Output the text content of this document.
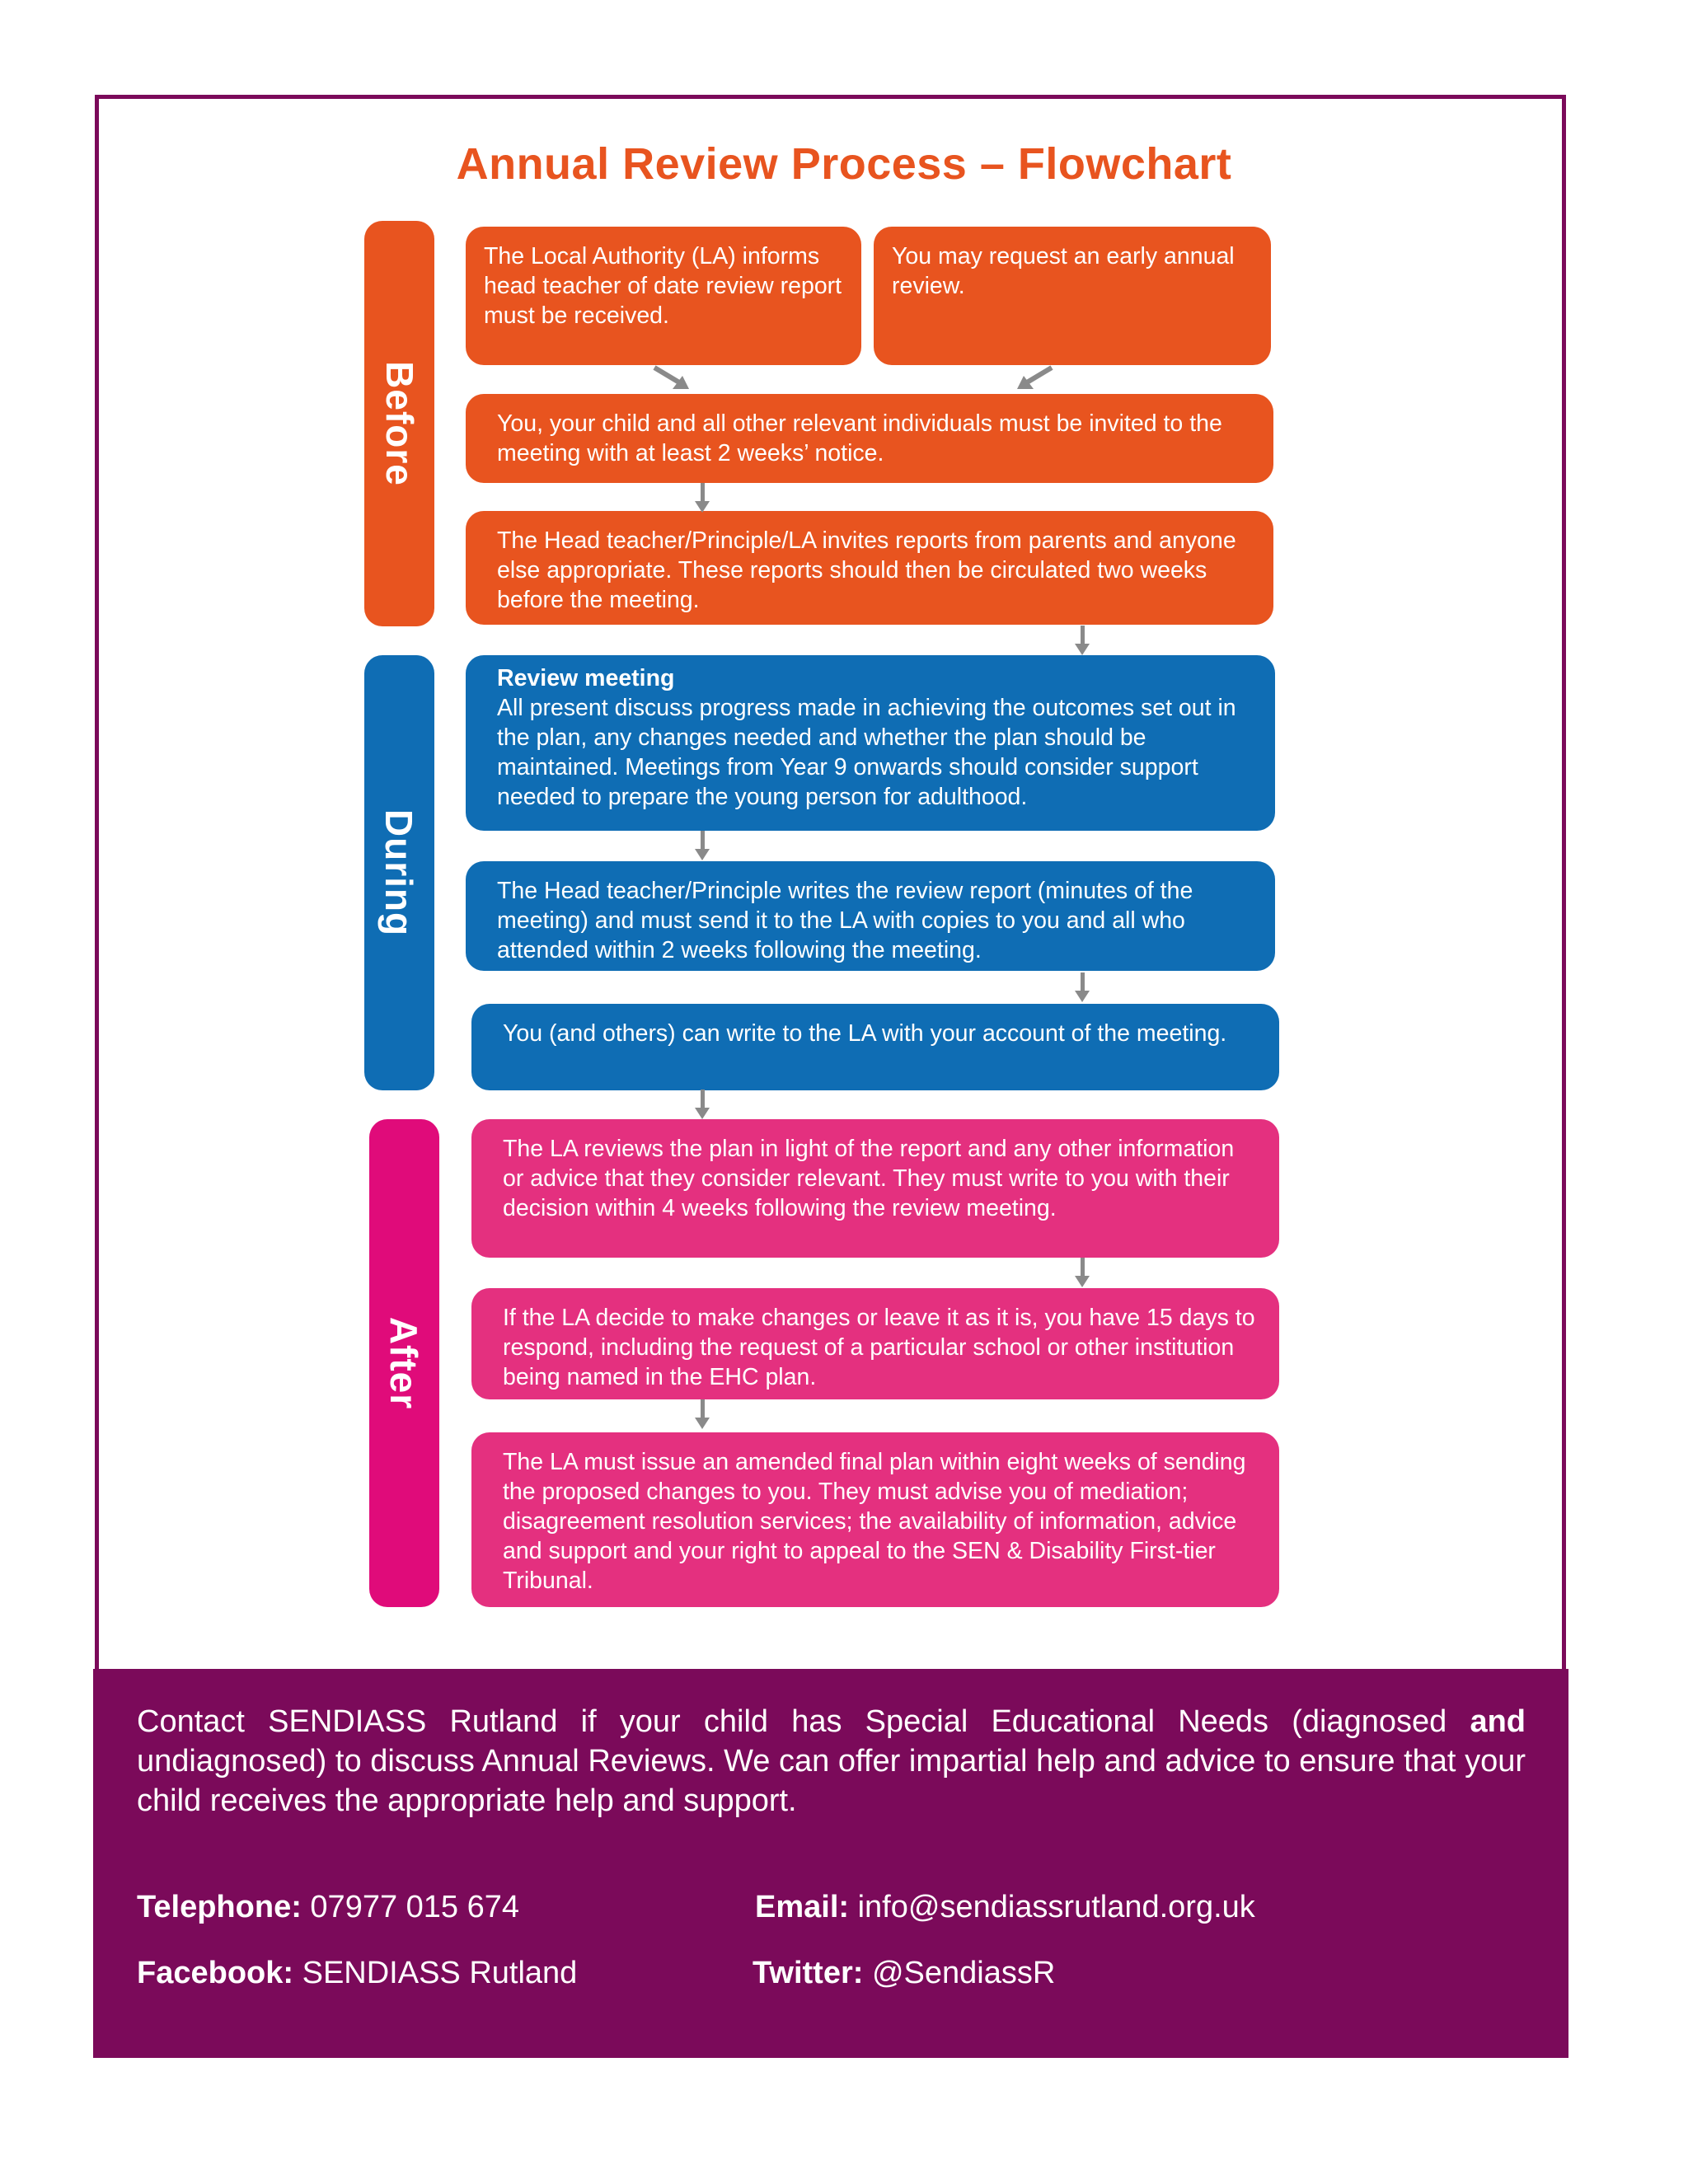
Annual Review Process – Flowchart
Before
During
After
The Local Authority (LA) informs head teacher of date review report must be received.
You may request an early annual review.
You, your child and all other relevant individuals must be invited to the meeting with at least 2 weeks’ notice.
The Head teacher/Principle/LA invites reports from parents and anyone else appropriate. These reports should then be circulated two weeks before the meeting.
Review meeting
All present discuss progress made in achieving the outcomes set out in the plan, any changes needed and whether the plan should be maintained. Meetings from Year 9 onwards should consider support needed to prepare the young person for adulthood.
The Head teacher/Principle writes the review report (minutes of the meeting) and must send it to the LA with copies to you and all who attended within 2 weeks following the meeting.
You (and others) can write to the LA with your account of the meeting.
The LA reviews the plan in light of the report and any other information or advice that they consider relevant. They must write to you with their decision within 4 weeks following the review meeting.
If the LA decide to make changes or leave it as it is, you have 15 days to respond, including the request of a particular school or other institution being named in the EHC plan.
The LA must issue an amended final plan within eight weeks of sending the proposed changes to you. They must advise you of mediation; disagreement resolution services; the availability of information, advice and support and your right to appeal to the SEN & Disability First-tier Tribunal.
Contact SENDIASS Rutland if your child has Special Educational Needs (diagnosed and undiagnosed) to discuss Annual Reviews. We can offer impartial help and advice to ensure that your child receives the appropriate help and support.
Telephone: 07977 015 674	Email: info@sendiassrutland.org.uk
Facebook: SENDIASS Rutland	Twitter: @SendiassR
